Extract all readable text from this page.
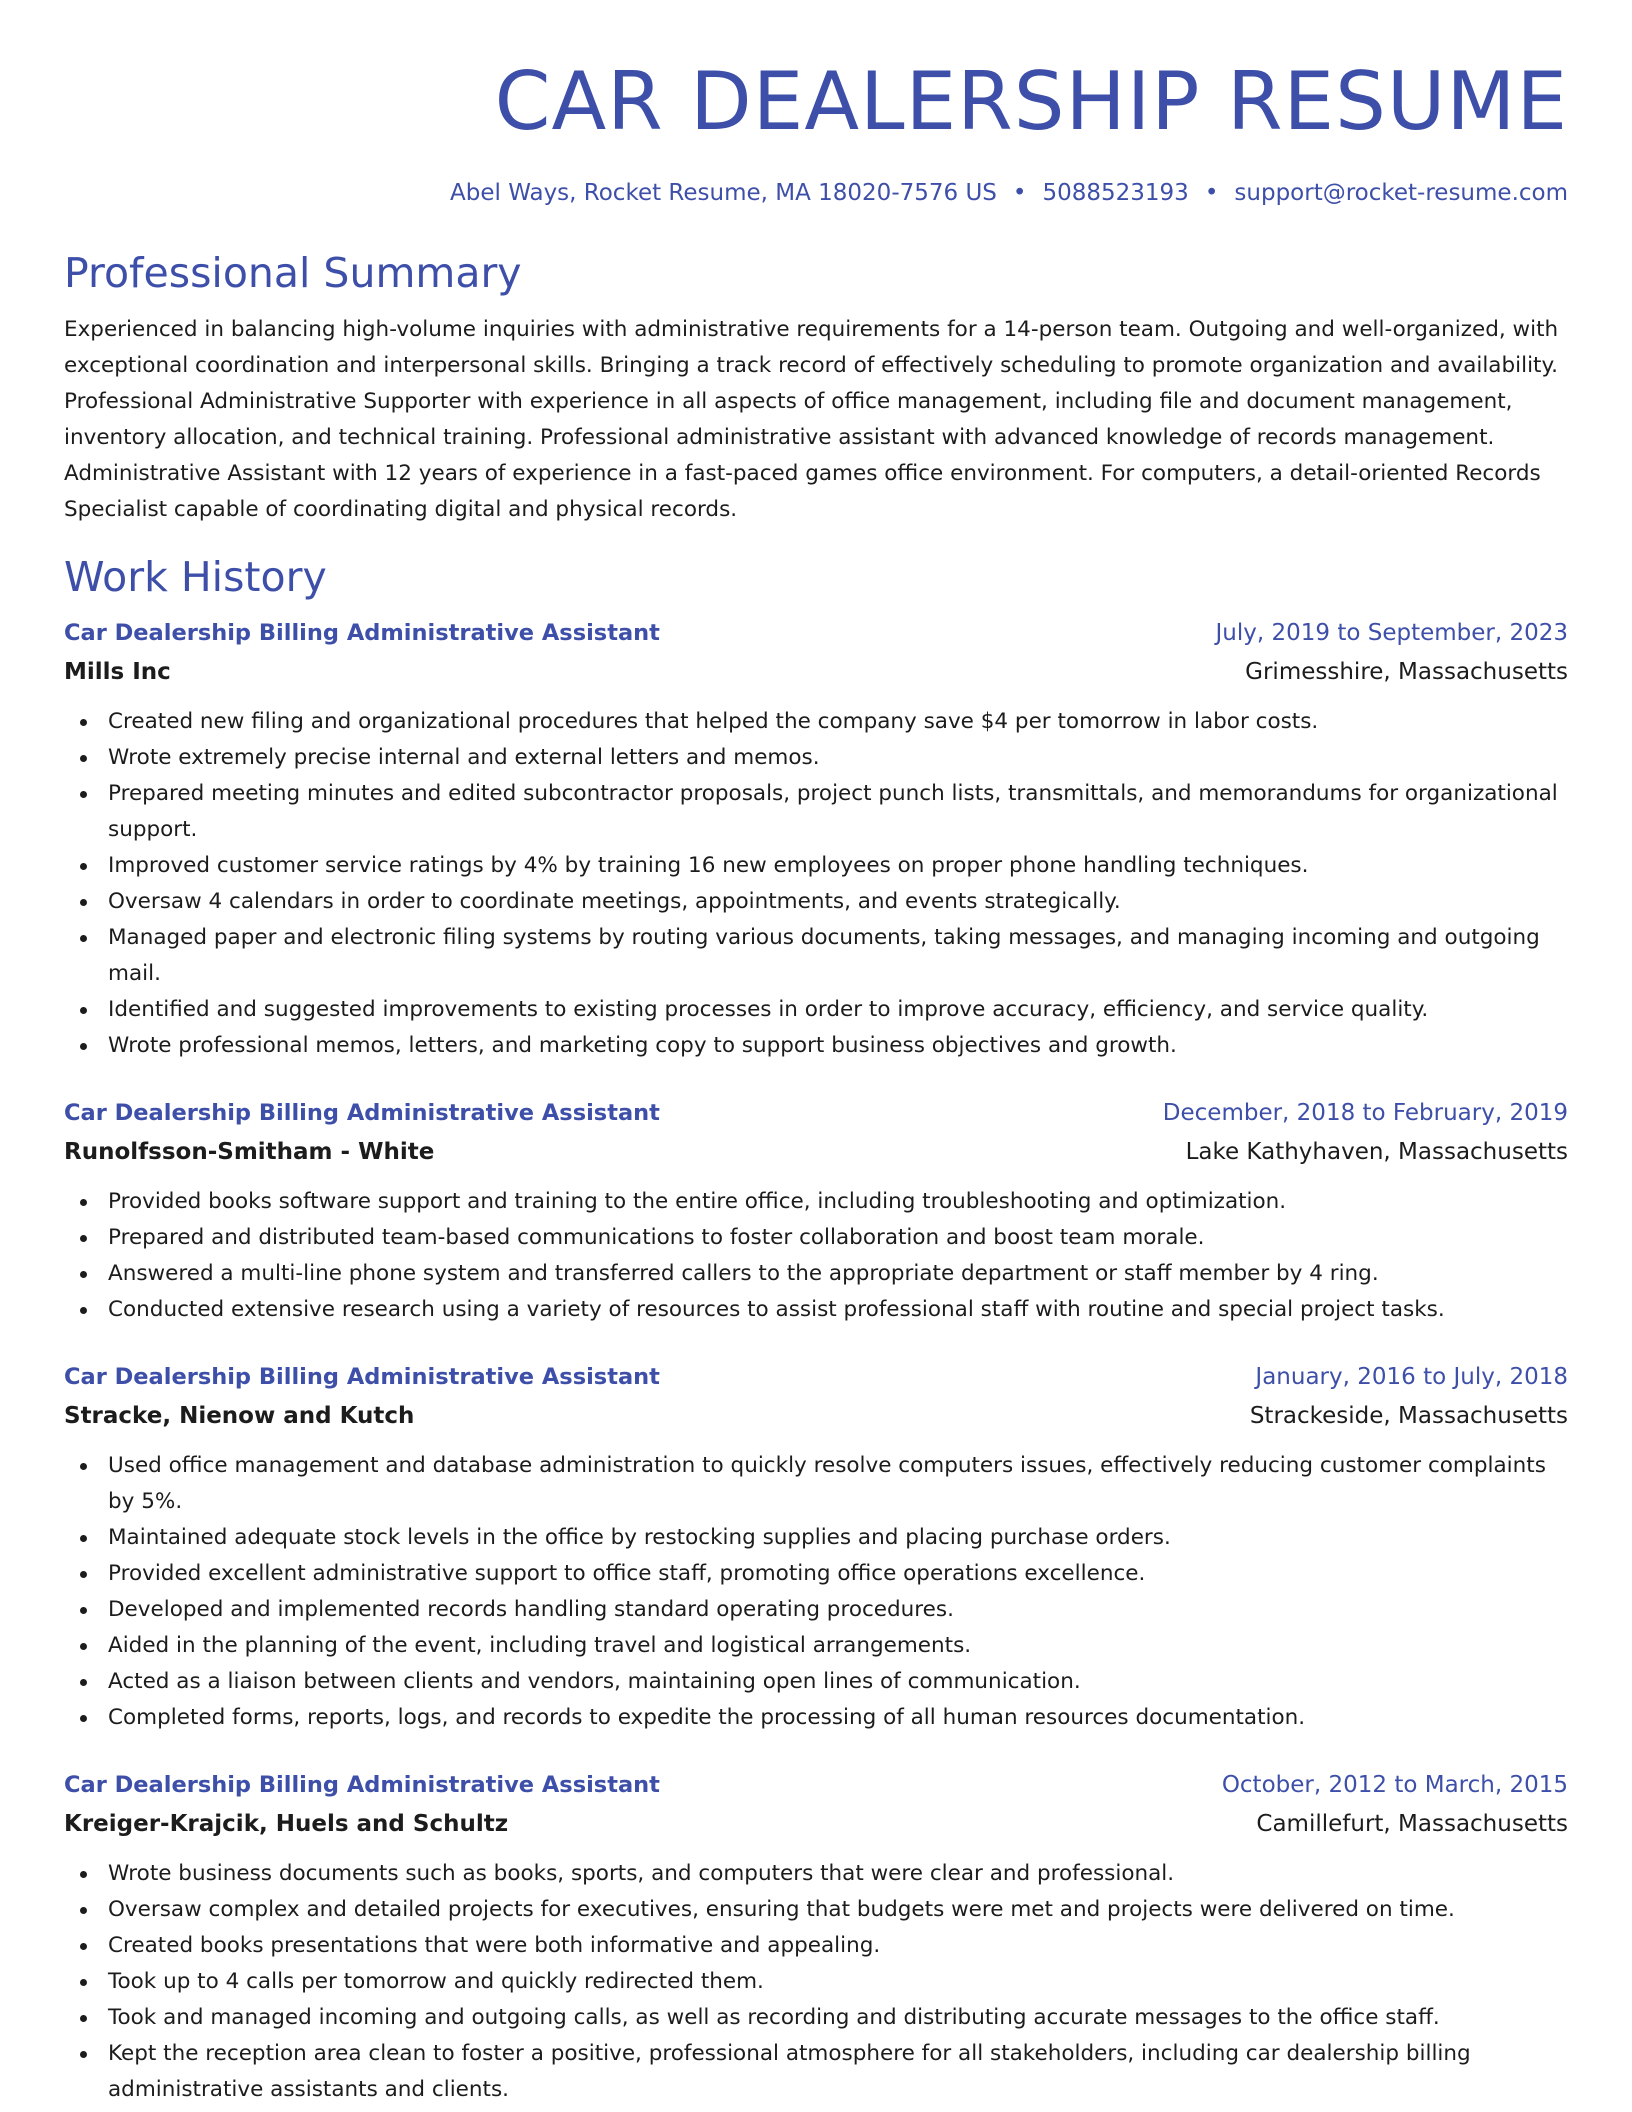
CAR DEALERSHIP RESUME
Abel Ways, Rocket Resume, MA 18020-7576 US • 5088523193 • support@rocket-resume.com
Professional Summary
Experienced in balancing high-volume inquiries with administrative requirements for a 14-person team. Outgoing and well-organized, with exceptional coordination and interpersonal skills. Bringing a track record of effectively scheduling to promote organization and availability. Professional Administrative Supporter with experience in all aspects of office management, including file and document management, inventory allocation, and technical training. Professional administrative assistant with advanced knowledge of records management. Administrative Assistant with 12 years of experience in a fast-paced games office environment. For computers, a detail-oriented Records Specialist capable of coordinating digital and physical records.
Work History
Car Dealership Billing Administrative Assistant	July, 2019 to September, 2023
Mills Inc	Grimesshire, Massachusetts
Created new filing and organizational procedures that helped the company save $4 per tomorrow in labor costs.
Wrote extremely precise internal and external letters and memos.
Prepared meeting minutes and edited subcontractor proposals, project punch lists, transmittals, and memorandums for organizational support.
Improved customer service ratings by 4% by training 16 new employees on proper phone handling techniques.
Oversaw 4 calendars in order to coordinate meetings, appointments, and events strategically.
Managed paper and electronic filing systems by routing various documents, taking messages, and managing incoming and outgoing mail.
Identified and suggested improvements to existing processes in order to improve accuracy, efficiency, and service quality.
Wrote professional memos, letters, and marketing copy to support business objectives and growth.
Car Dealership Billing Administrative Assistant	December, 2018 to February, 2019
Runolfsson-Smitham - White	Lake Kathyhaven, Massachusetts
Provided books software support and training to the entire office, including troubleshooting and optimization.
Prepared and distributed team-based communications to foster collaboration and boost team morale.
Answered a multi-line phone system and transferred callers to the appropriate department or staff member by 4 ring.
Conducted extensive research using a variety of resources to assist professional staff with routine and special project tasks.
Car Dealership Billing Administrative Assistant	January, 2016 to July, 2018
Stracke, Nienow and Kutch	Strackeside, Massachusetts
Used office management and database administration to quickly resolve computers issues, effectively reducing customer complaints by 5%.
Maintained adequate stock levels in the office by restocking supplies and placing purchase orders.
Provided excellent administrative support to office staff, promoting office operations excellence.
Developed and implemented records handling standard operating procedures.
Aided in the planning of the event, including travel and logistical arrangements.
Acted as a liaison between clients and vendors, maintaining open lines of communication.
Completed forms, reports, logs, and records to expedite the processing of all human resources documentation.
Car Dealership Billing Administrative Assistant	October, 2012 to March, 2015
Kreiger-Krajcik, Huels and Schultz	Camillefurt, Massachusetts
Wrote business documents such as books, sports, and computers that were clear and professional.
Oversaw complex and detailed projects for executives, ensuring that budgets were met and projects were delivered on time.
Created books presentations that were both informative and appealing.
Took up to 4 calls per tomorrow and quickly redirected them.
Took and managed incoming and outgoing calls, as well as recording and distributing accurate messages to the office staff.
Kept the reception area clean to foster a positive, professional atmosphere for all stakeholders, including car dealership billing administrative assistants and clients.
